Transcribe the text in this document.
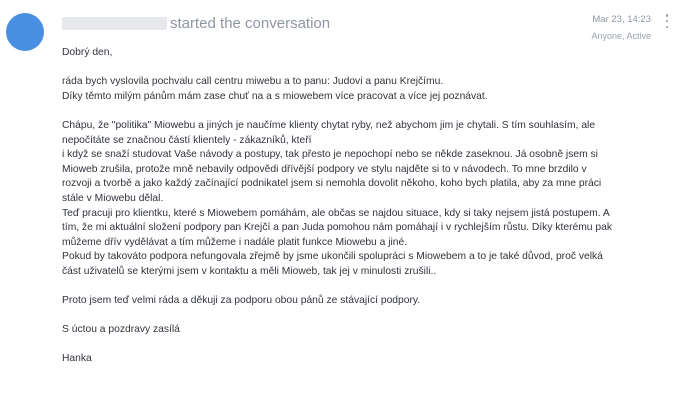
started the conversation	Mar 23, 14:23
Anyone, Active
Dobrý den,
ráda bych vyslovila pochvalu call centru miwebu a to panu: Judovi a panu Krejčímu.
Díky těmto milým pánům mám zase chuť na a s miowebem více pracovat a více jej poznávat.
Chápu, že "politika" Miowebu a jiných je naučíme klienty chytat ryby, než abychom jim je chytali. S tím souhlasím, ale
nepočítáte se značnou částí klientely - zákazníků, kteří
i když se snaží studovat Vaše návody a postupy, tak přesto je nepochopí nebo se někde zaseknou. Já osobně jsem si
Mioweb zrušila, protože mně nebavily odpovědi dřívější podpory ve stylu najděte si to v návodech. To mne brzdilo v
rozvoji a tvorbě a jako každý začínající podnikatel jsem si nemohla dovolit někoho, koho bych platila, aby za mne práci
stále v Miowebu dělal.
Teď pracuji pro klientku, které s Miowebem pomáhám, ale občas se najdou situace, kdy si taky nejsem jistá postupem. A
tím, že mi aktuální složení podpory pan Krejčí a pan Juda pomohou nám pomáhají i v rychlejším růstu. Díky kterému pak
můžeme dřív vydělávat a tím můžeme i nadále platit funkce Miowebu a jiné.
Pokud by takováto podpora nefungovala zřejmě by jsme ukončili spolupráci s Miowebem a to je také důvod, proč velká
část uživatelů se kterými jsem v kontaktu a měli Mioweb, tak jej v minulosti zrušili..
Proto jsem teď velmi ráda a děkuji za podporu obou pánů ze stávající podpory.
S úctou a pozdravy zasílá
Hanka
